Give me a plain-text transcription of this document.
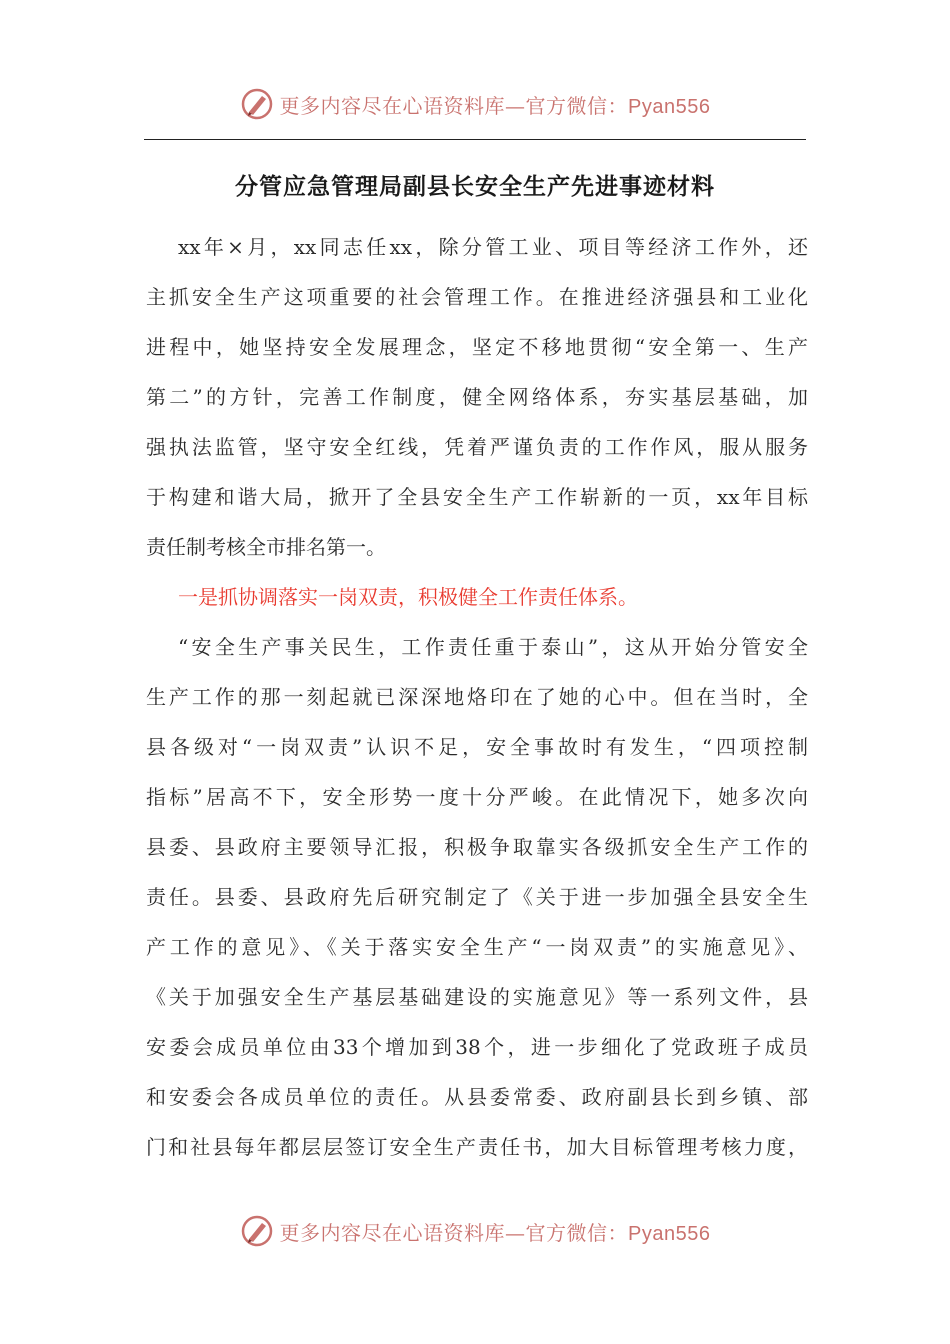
更多内容尽在心语资料库—官方微信：Pyan556
分管应急管理局副县长安全生产先进事迹材料
xx年×月，xx同志任xx，除分管工业、项目等经济工作外，还
主抓安全生产这项重要的社会管理工作。在推进经济强县和工业化
进程中，她坚持安全发展理念，坚定不移地贯彻“安全第一、生产
第二”的方针，完善工作制度，健全网络体系，夯实基层基础，加
强执法监管，坚守安全红线，凭着严谨负责的工作作风，服从服务
于构建和谐大局，掀开了全县安全生产工作崭新的一页，xx年目标
责任制考核全市排名第一。
一是抓协调落实一岗双责，积极健全工作责任体系。
“安全生产事关民生，工作责任重于泰山”，这从开始分管安全
生产工作的那一刻起就已深深地烙印在了她的心中。但在当时，全
县各级对“一岗双责”认识不足，安全事故时有发生，“四项控制
指标”居高不下，安全形势一度十分严峻。在此情况下，她多次向
县委、县政府主要领导汇报，积极争取靠实各级抓安全生产工作的
责任。县委、县政府先后研究制定了《关于进一步加强全县安全生
产工作的意见》、《关于落实安全生产“一岗双责”的实施意见》、
《关于加强安全生产基层基础建设的实施意见》等一系列文件，县
安委会成员单位由33个增加到38个，进一步细化了党政班子成员
和安委会各成员单位的责任。从县委常委、政府副县长到乡镇、部
门和社县每年都层层签订安全生产责任书，加大目标管理考核力度，
更多内容尽在心语资料库—官方微信：Pyan556
